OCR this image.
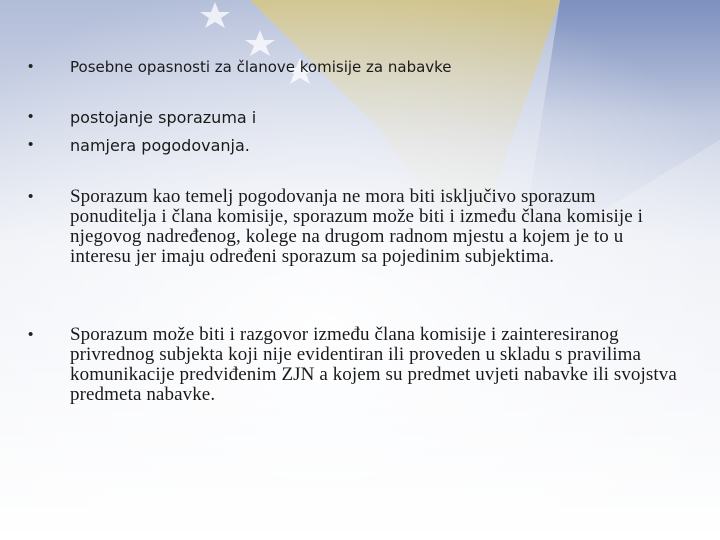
•	Posebne opasnosti za članove komisije za nabavke
•	postojanje sporazuma i
•	namjera pogodovanja.
•	Sporazum kao temelj pogodovanja ne mora biti isključivo sporazum ponuditelja i člana komisije, sporazum može biti i između člana komisije i njegovog nadređenog, kolege na drugom radnom mjestu a kojem je to u interesu jer imaju određeni sporazum sa pojedinim subjektima.
•	Sporazum može biti i razgovor između člana komisije i zainteresiranog privrednog subjekta koji nije evidentiran ili proveden u skladu s pravilima komunikacije predviđenim ZJN a kojem su predmet uvjeti nabavke ili svojstva predmeta nabavke.
